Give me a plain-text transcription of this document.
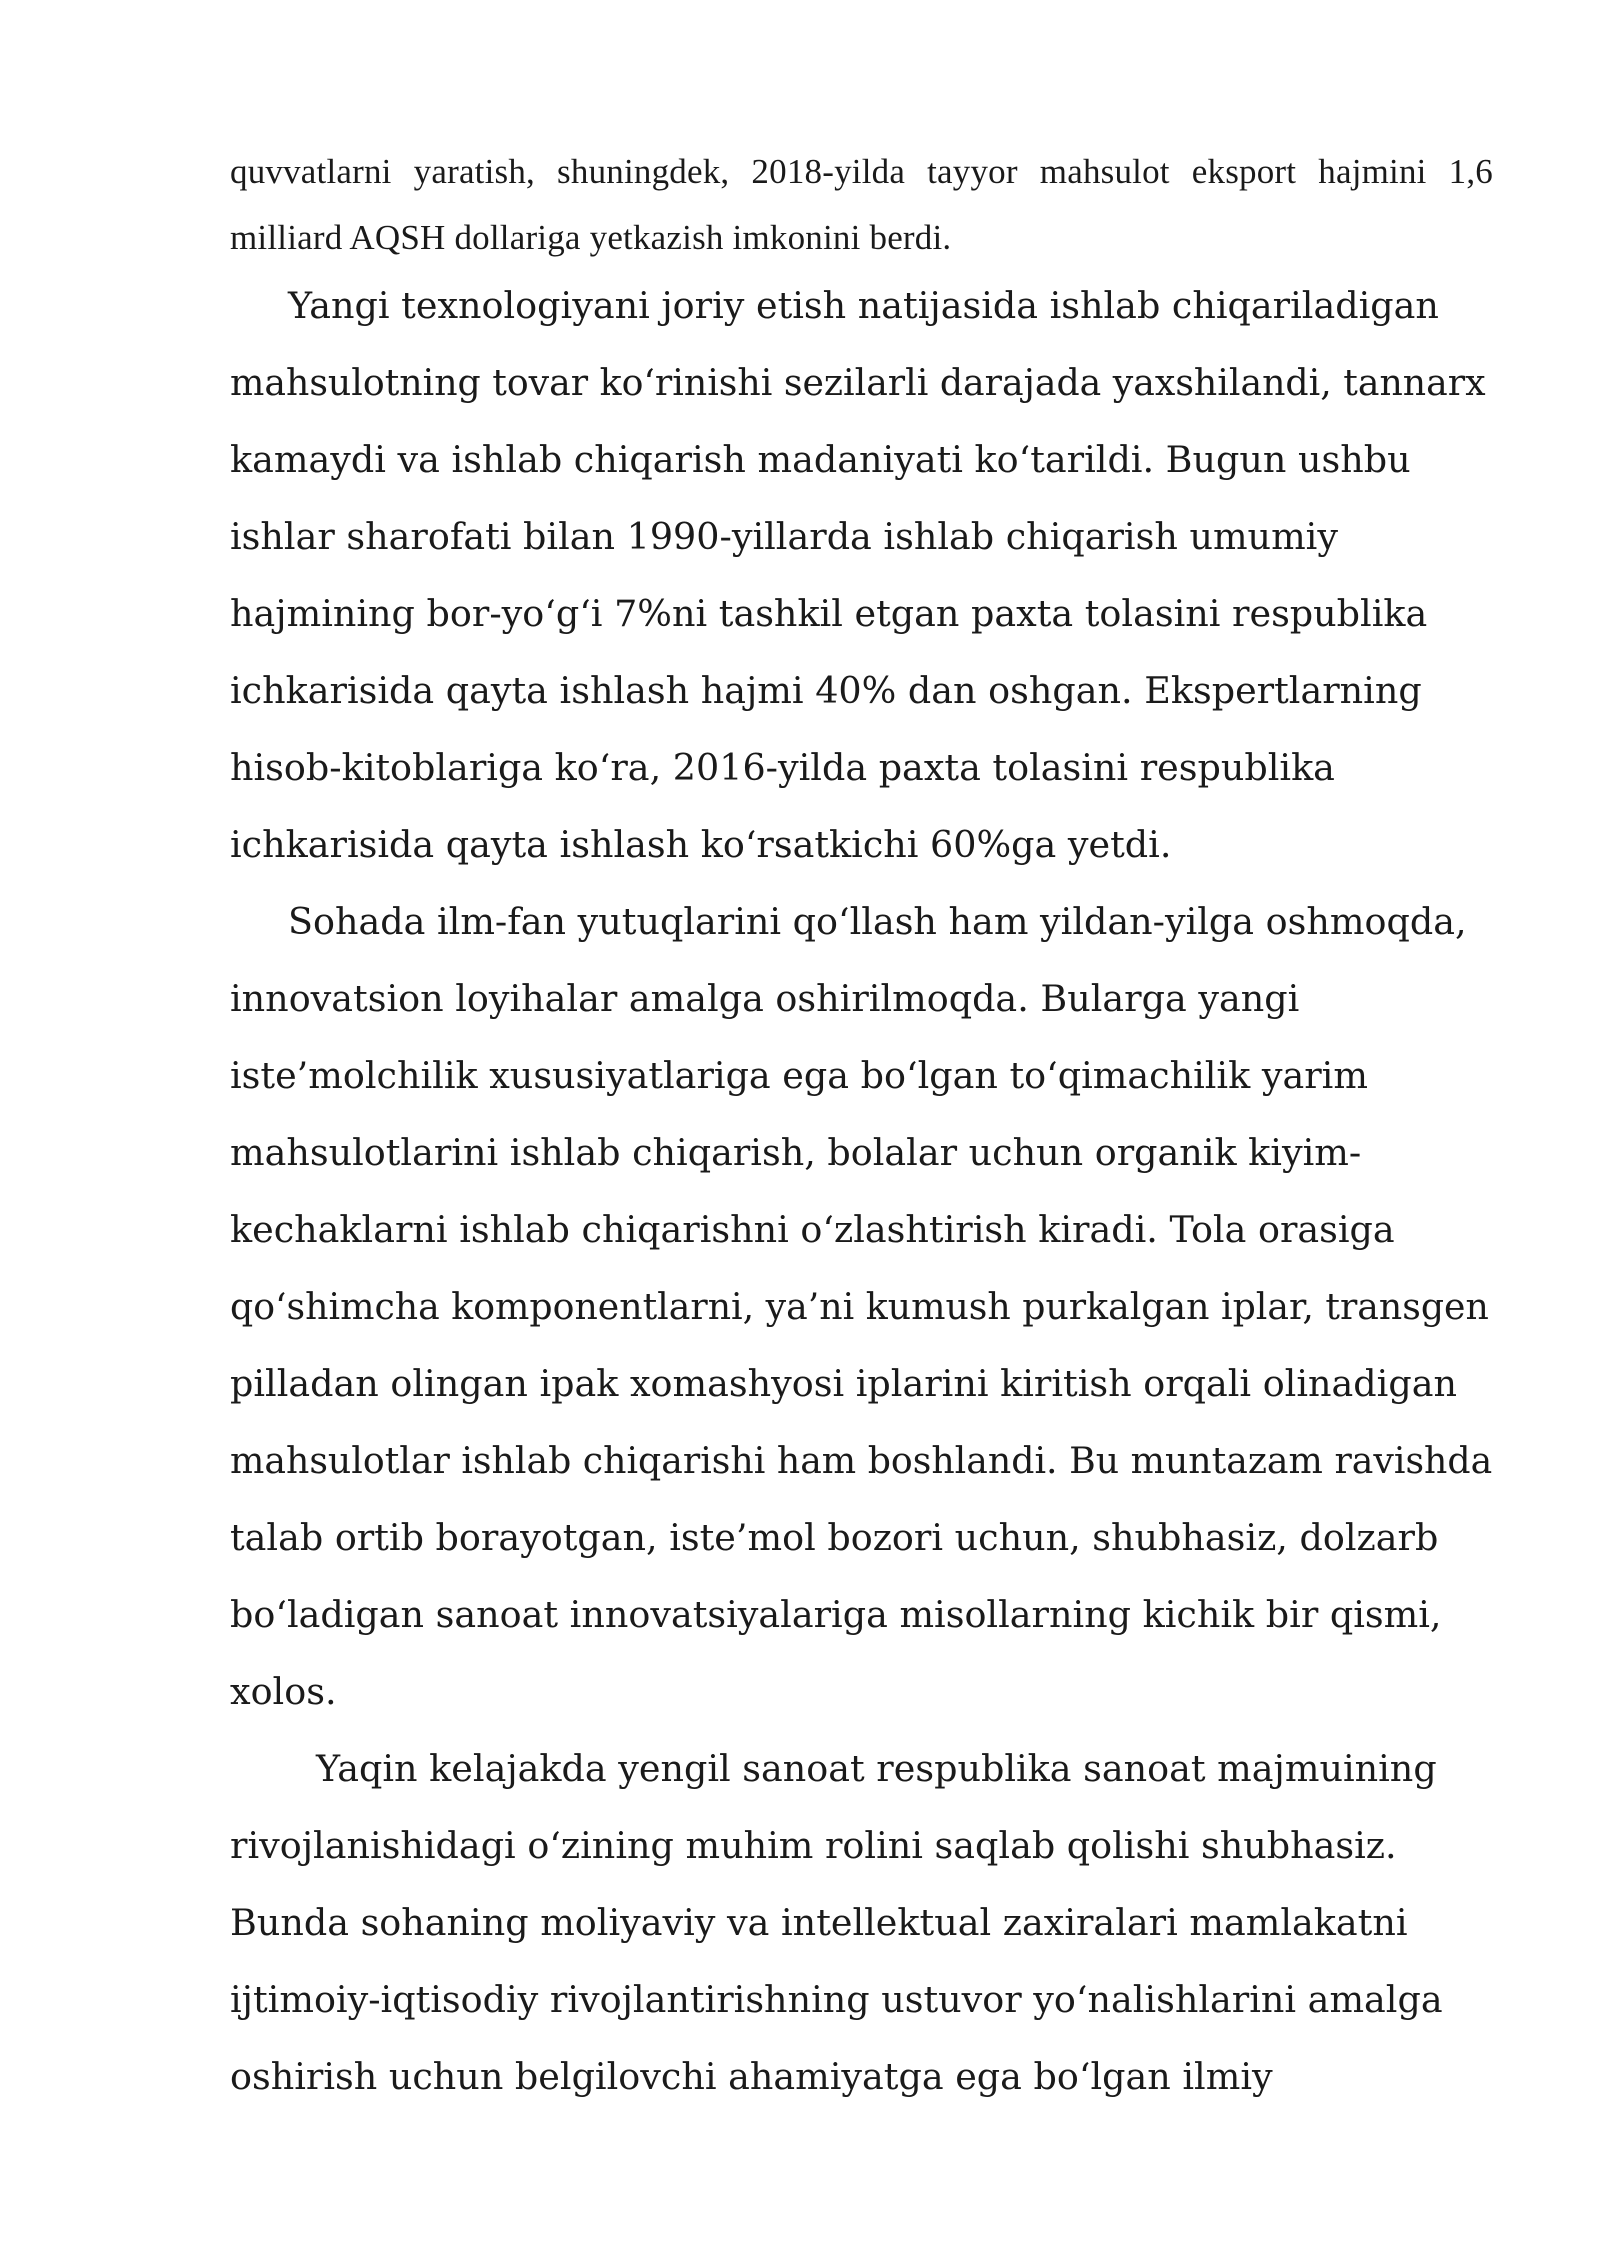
quvvatlarni yaratish, shuningdek, 2018-yilda tayyor mahsulot eksport hajmini 1,6

milliard AQSH dollariga yetkazish imkonini berdi.

Yangi texnologiyani joriy etish natijasida ishlab chiqariladigan

mahsulotning tovar koʻrinishi sezilarli darajada yaxshilandi, tannarx

kamaydi va ishlab chiqarish madaniyati koʻtarildi. Bugun ushbu

ishlar sharofati bilan 1990-yillarda ishlab chiqarish umumiy

hajmining bor-yoʻgʻi 7%ni tashkil etgan paxta tolasini respublika

ichkarisida qayta ishlash hajmi 40% dan oshgan. Ekspertlarning

hisob-kitoblariga koʻra, 2016-yilda paxta tolasini respublika

ichkarisida qayta ishlash koʻrsatkichi 60%ga yetdi.

Sohada ilm-fan yutuqlarini qoʻllash ham yildan-yilga oshmoqda,

innovatsion loyihalar amalga oshirilmoqda. Bularga yangi

iste’molchilik xususiyatlariga ega boʻlgan toʻqimachilik yarim

mahsulotlarini ishlab chiqarish, bolalar uchun organik kiyim-

kechaklarni ishlab chiqarishni oʻzlashtirish kiradi. Tola orasiga

qoʻshimcha komponentlarni, ya’ni kumush purkalgan iplar, transgen

pilladan olingan ipak xomashyosi iplarini kiritish orqali olinadigan

mahsulotlar ishlab chiqarishi ham boshlandi. Bu muntazam ravishda

talab ortib borayotgan, iste’mol bozori uchun, shubhasiz, dolzarb

boʻladigan sanoat innovatsiyalariga misollarning kichik bir qismi,

xolos.

Yaqin kelajakda yengil sanoat respublika sanoat majmuining

rivojlanishidagi oʻzining muhim rolini saqlab qolishi shubhasiz.

Bunda sohaning moliyaviy va intellektual zaxiralari mamlakatni

ijtimoiy-iqtisodiy rivojlantirishning ustuvor yoʻnalishlarini amalga

oshirish uchun belgilovchi ahamiyatga ega boʻlgan ilmiy
